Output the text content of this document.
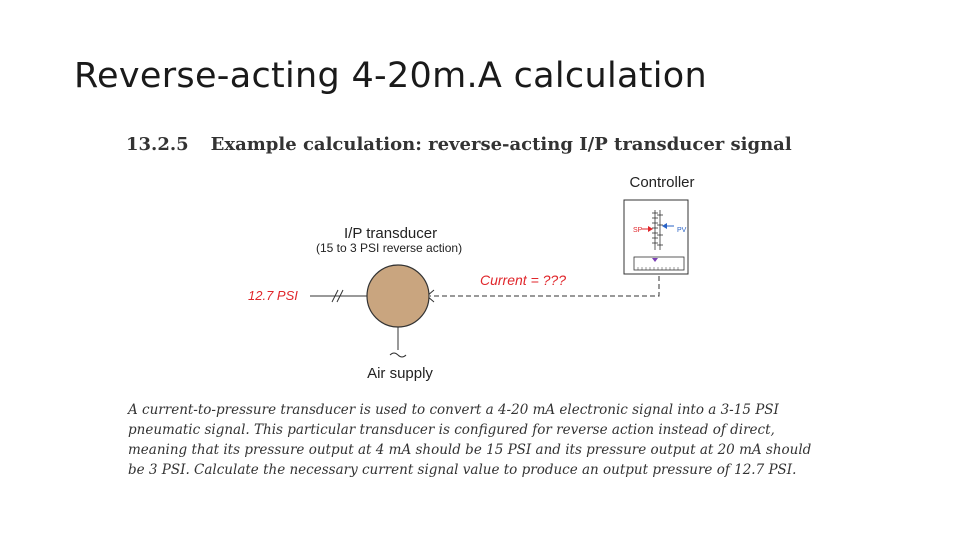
Reverse-acting 4-20m.A calculation
13.2.5 Example calculation: reverse-acting I/P transducer signal
Controller
SP	PV
Current = ???
I/P transducer
(15 to 3 PSI reverse action)
12.7 PSI
Air supply
A current-to-pressure transducer is used to convert a 4-20 mA electronic signal into a 3-15 PSI
pneumatic signal. This particular transducer is configured for reverse action instead of direct,
meaning that its pressure output at 4 mA should be 15 PSI and its pressure output at 20 mA should
be 3 PSI. Calculate the necessary current signal value to produce an output pressure of 12.7 PSI.
